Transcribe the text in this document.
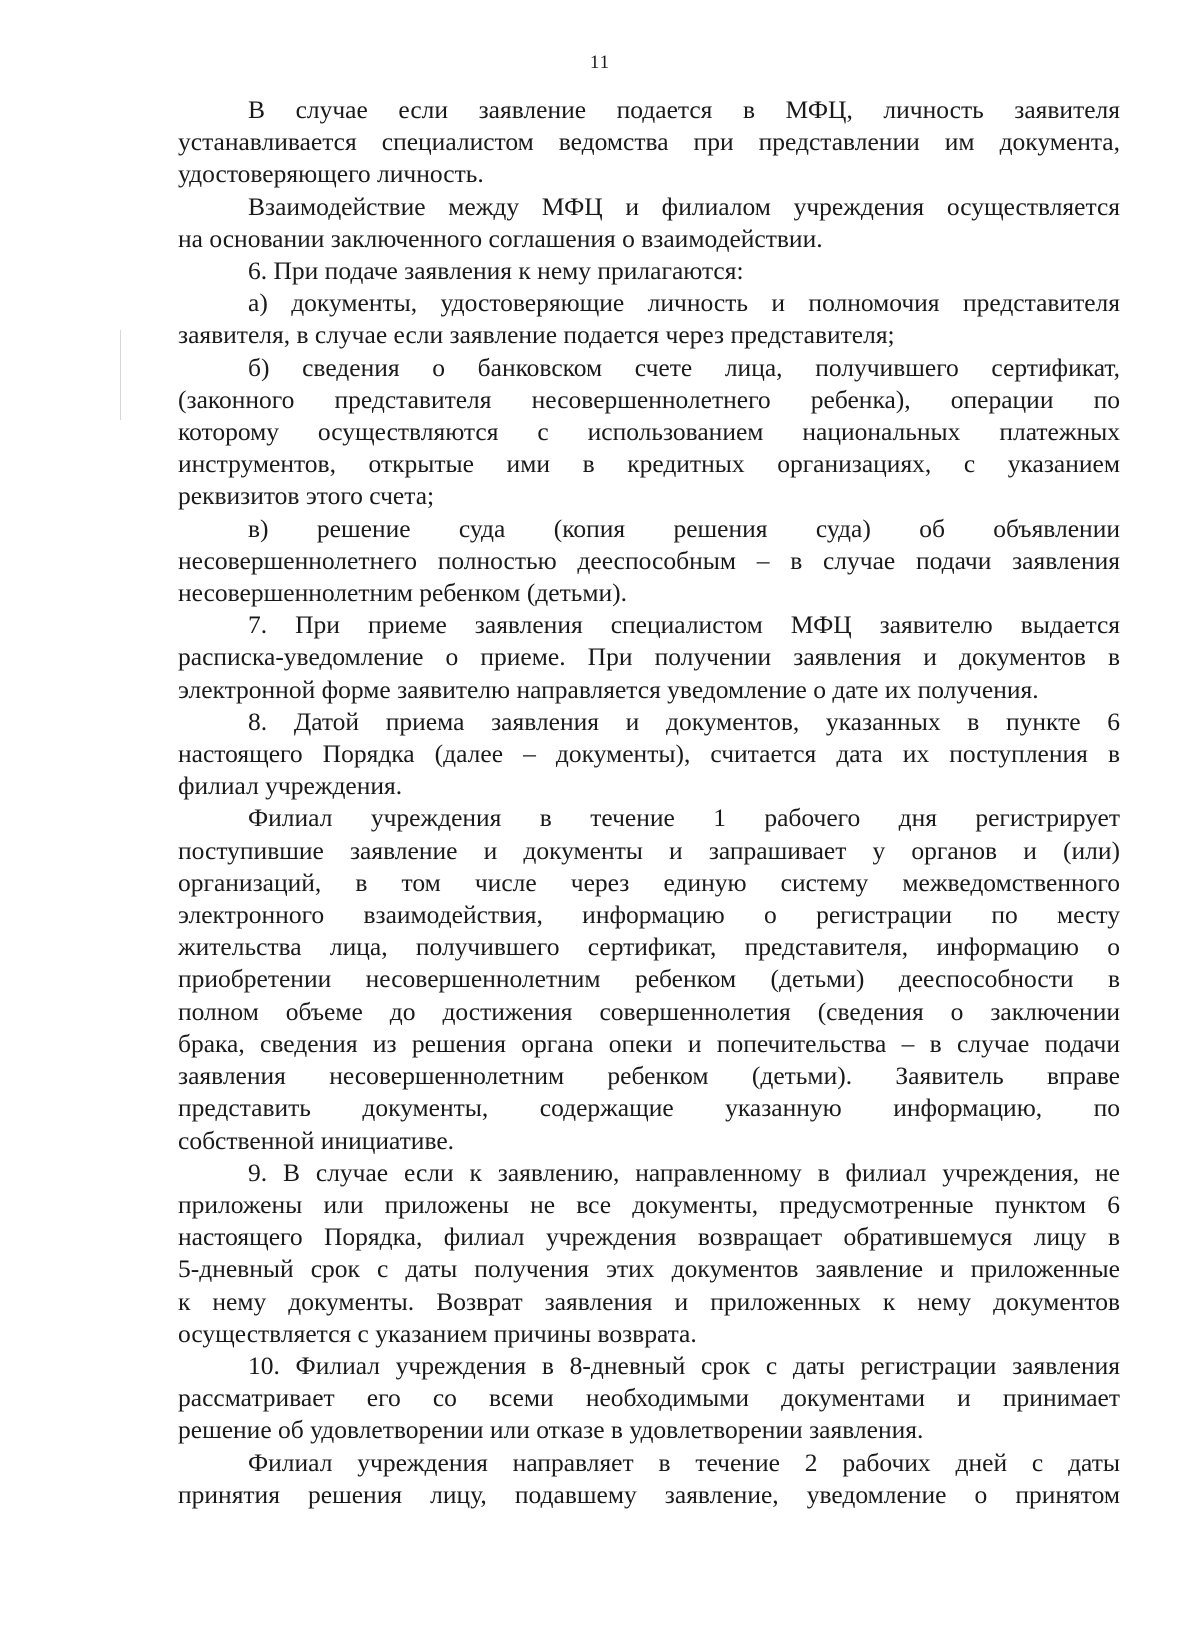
11
В случае если заявление подается в МФЦ, личность заявителя
устанавливается специалистом ведомства при представлении им документа,
удостоверяющего личность.
Взаимодействие между МФЦ и филиалом учреждения осуществляется
на основании заключенного соглашения о взаимодействии.
6. При подаче заявления к нему прилагаются:
а) документы, удостоверяющие личность и полномочия представителя
заявителя, в случае если заявление подается через представителя;
б) сведения о банковском счете лица, получившего сертификат,
(законного представителя несовершеннолетнего ребенка), операции по
которому осуществляются с использованием национальных платежных
инструментов, открытые ими в кредитных организациях, с указанием
реквизитов этого счета;
в) решение суда (копия решения суда) об объявлении
несовершеннолетнего полностью дееспособным – в случае подачи заявления
несовершеннолетним ребенком (детьми).
7. При приеме заявления специалистом МФЦ заявителю выдается
расписка-уведомление о приеме. При получении заявления и документов в
электронной форме заявителю направляется уведомление о дате их получения.
8. Датой приема заявления и документов, указанных в пункте 6
настоящего Порядка (далее – документы), считается дата их поступления в
филиал учреждения.
Филиал учреждения в течение 1 рабочего дня регистрирует
поступившие заявление и документы и запрашивает у органов и (или)
организаций, в том числе через единую систему межведомственного
электронного взаимодействия, информацию о регистрации по месту
жительства лица, получившего сертификат, представителя, информацию о
приобретении несовершеннолетним ребенком (детьми) дееспособности в
полном объеме до достижения совершеннолетия (сведения о заключении
брака, сведения из решения органа опеки и попечительства – в случае подачи
заявления несовершеннолетним ребенком (детьми). Заявитель вправе
представить документы, содержащие указанную информацию, по
собственной инициативе.
9. В случае если к заявлению, направленному в филиал учреждения, не
приложены или приложены не все документы, предусмотренные пунктом 6
настоящего Порядка, филиал учреждения возвращает обратившемуся лицу в
5-дневный срок с даты получения этих документов заявление и приложенные
к нему документы. Возврат заявления и приложенных к нему документов
осуществляется с указанием причины возврата.
10. Филиал учреждения в 8-дневный срок с даты регистрации заявления
рассматривает его со всеми необходимыми документами и принимает
решение об удовлетворении или отказе в удовлетворении заявления.
Филиал учреждения направляет в течение 2 рабочих дней с даты
принятия решения лицу, подавшему заявление, уведомление о принятом
